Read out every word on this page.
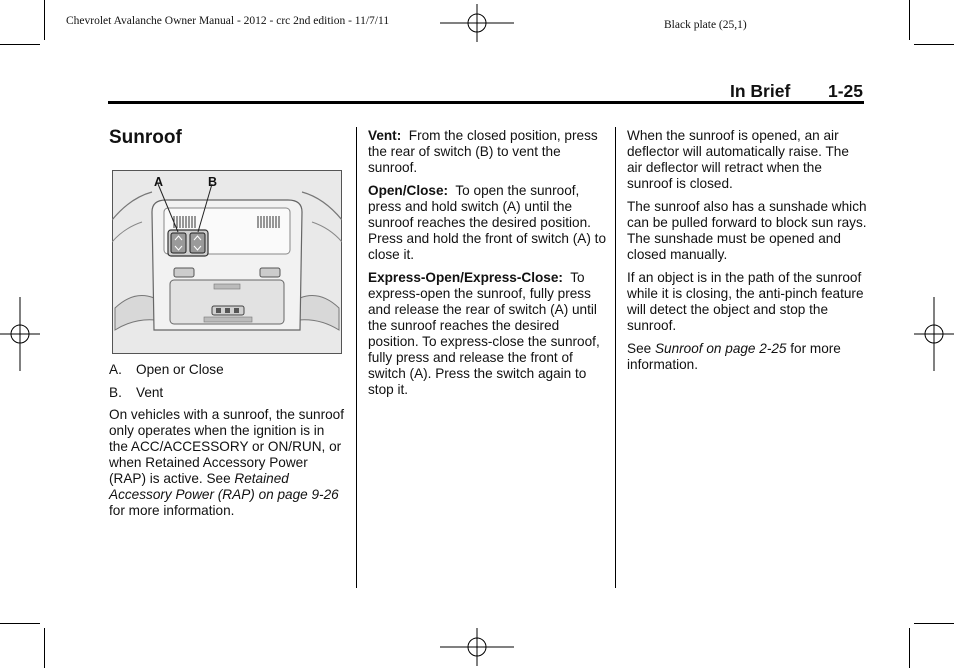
Chevrolet Avalanche Owner Manual - 2012 - crc 2nd edition - 11/7/11	Black plate (25,1)
In Brief 1-25
Sunroof
A	B
A. Open or Close
B. Vent

On vehicles with a sunroof, the sunroof only operates when the ignition is in the ACC/ACCESSORY or ON/RUN, or when Retained Accessory Power (RAP) is active. See Retained Accessory Power (RAP) on page 9-26 for more information.

Vent:  From the closed position, press the rear of switch (B) to vent the sunroof.

Open/Close:  To open the sunroof, press and hold switch (A) until the sunroof reaches the desired position. Press and hold the front of switch (A) to close it.

Express-Open/Express-Close:  To express-open the sunroof, fully press and release the rear of switch (A) until the sunroof reaches the desired position. To express-close the sunroof, fully press and release the front of switch (A). Press the switch again to stop it.

When the sunroof is opened, an air deflector will automatically raise. The air deflector will retract when the sunroof is closed.

The sunroof also has a sunshade which can be pulled forward to block sun rays. The sunshade must be opened and closed manually.

If an object is in the path of the sunroof while it is closing, the anti-pinch feature will detect the object and stop the sunroof.

See Sunroof on page 2-25 for more information.
